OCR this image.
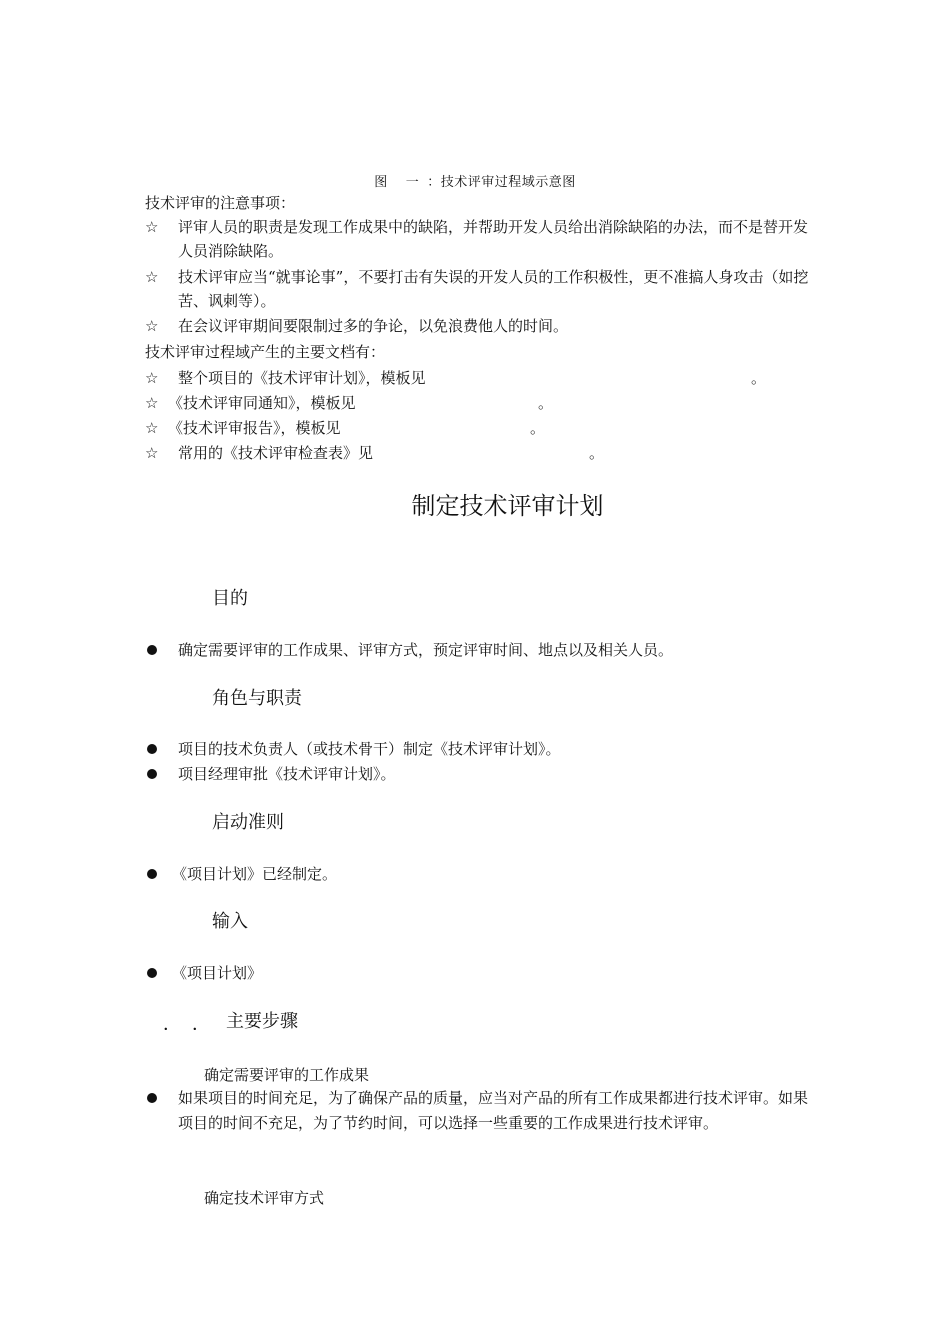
图 一 ：技术评审过程域示意图
技术评审的注意事项：
☆	评审人员的职责是发现工作成果中的缺陷，并帮助开发人员给出消除缺陷的办法，而不是替开发人员消除缺陷。
☆	技术评审应当“就事论事”，不要打击有失误的开发人员的工作积极性，更不准搞人身攻击（如挖苦、讽刺等）。
☆	在会议评审期间要限制过多的争论，以免浪费他人的时间。
技术评审过程域产生的主要文档有：
☆	整个项目的《技术评审计划》，模板见	。
☆ 《技术评审同通知》，模板见	。
☆ 《技术评审报告》，模板见	。
☆	常用的《技术评审检查表》见	。
制定技术评审计划
目的
确定需要评审的工作成果、评审方式，预定评审时间、地点以及相关人员。
角色与职责
项目的技术负责人（或技术骨干）制定《技术评审计划》。
项目经理审批《技术评审计划》。
启动准则
《项目计划》已经制定。
输入
《项目计划》
．．
主要步骤
确定需要评审的工作成果
如果项目的时间充足，为了确保产品的质量，应当对产品的所有工作成果都进行技术评审。如果项目的时间不充足，为了节约时间，可以选择一些重要的工作成果进行技术评审。
确定技术评审方式
